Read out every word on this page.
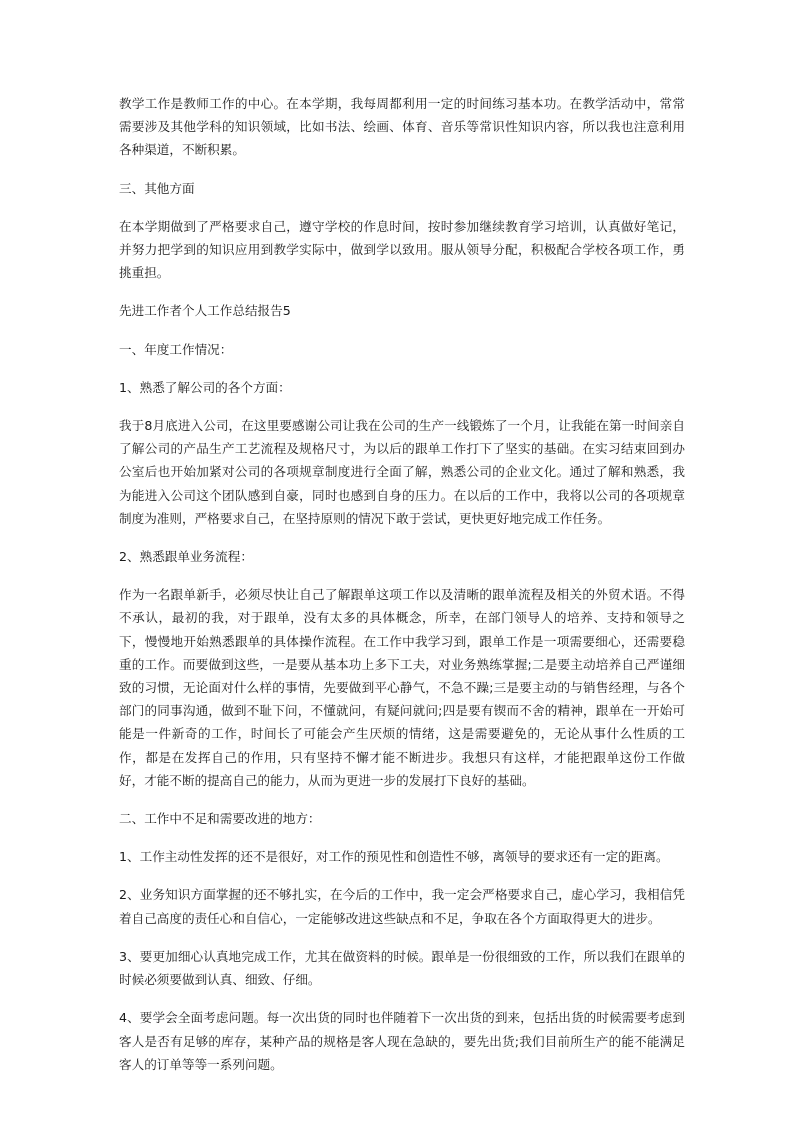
教学工作是教师工作的中心。在本学期，我每周都利用一定的时间练习基本功。在教学活动中，常常需要涉及其他学科的知识领域，比如书法、绘画、体育、音乐等常识性知识内容，所以我也注意利用各种渠道，不断积累。

三、其他方面

在本学期做到了严格要求自己，遵守学校的作息时间，按时参加继续教育学习培训，认真做好笔记，并努力把学到的知识应用到教学实际中，做到学以致用。服从领导分配，积极配合学校各项工作，勇挑重担。

先进工作者个人工作总结报告5

一、年度工作情况：

1、熟悉了解公司的各个方面：

我于8月底进入公司，在这里要感谢公司让我在公司的生产一线锻炼了一个月，让我能在第一时间亲自了解公司的产品生产工艺流程及规格尺寸，为以后的跟单工作打下了坚实的基础。在实习结束回到办公室后也开始加紧对公司的各项规章制度进行全面了解，熟悉公司的企业文化。通过了解和熟悉，我为能进入公司这个团队感到自豪，同时也感到自身的压力。在以后的工作中，我将以公司的各项规章制度为准则，严格要求自己，在坚持原则的情况下敢于尝试，更快更好地完成工作任务。

2、熟悉跟单业务流程：

作为一名跟单新手，必须尽快让自己了解跟单这项工作以及清晰的跟单流程及相关的外贸术语。不得不承认，最初的我，对于跟单，没有太多的具体概念，所幸，在部门领导人的培养、支持和领导之下，慢慢地开始熟悉跟单的具体操作流程。在工作中我学习到，跟单工作是一项需要细心，还需要稳重的工作。而要做到这些，一是要从基本功上多下工夫，对业务熟练掌握;二是要主动培养自己严谨细致的习惯，无论面对什么样的事情，先要做到平心静气，不急不躁;三是要主动的与销售经理，与各个部门的同事沟通，做到不耻下问，不懂就问，有疑问就问;四是要有锲而不舍的精神，跟单在一开始可能是一件新奇的工作，时间长了可能会产生厌烦的情绪，这是需要避免的，无论从事什么性质的工作，都是在发挥自己的作用，只有坚持不懈才能不断进步。我想只有这样，才能把跟单这份工作做好，才能不断的提高自己的能力，从而为更进一步的发展打下良好的基础。

二、工作中不足和需要改进的地方：

1、工作主动性发挥的还不是很好，对工作的预见性和创造性不够，离领导的要求还有一定的距离。

2、业务知识方面掌握的还不够扎实，在今后的工作中，我一定会严格要求自己，虚心学习，我相信凭着自己高度的责任心和自信心，一定能够改进这些缺点和不足，争取在各个方面取得更大的进步。

3、要更加细心认真地完成工作，尤其在做资料的时候。跟单是一份很细致的工作，所以我们在跟单的时候必须要做到认真、细致、仔细。

4、要学会全面考虑问题。每一次出货的同时也伴随着下一次出货的到来，包括出货的时候需要考虑到客人是否有足够的库存，某种产品的规格是客人现在急缺的，要先出货;我们目前所生产的能不能满足客人的订单等等一系列问题。
